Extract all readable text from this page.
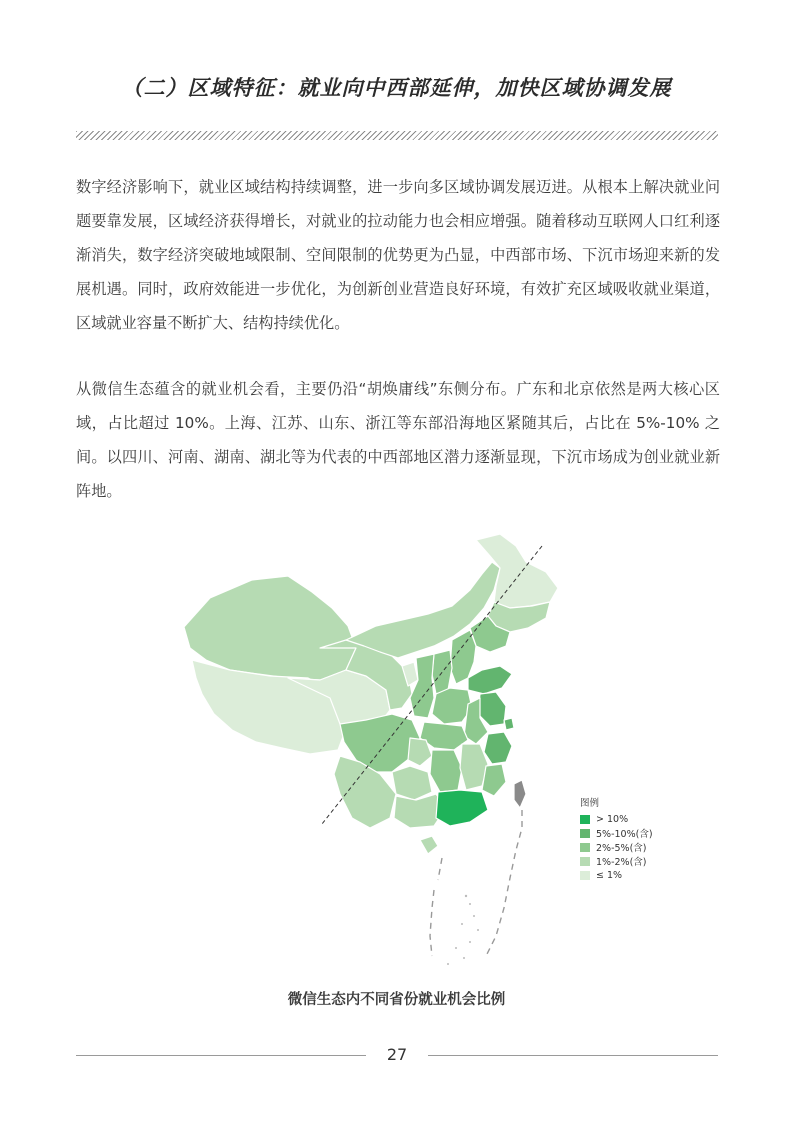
（二）区域特征：就业向中西部延伸，加快区域协调发展

数字经济影响下，就业区域结构持续调整，进一步向多区域协调发展迈进。从根本上解决就业问题要靠发展，区域经济获得增长，对就业的拉动能力也会相应增强。随着移动互联网人口红利逐渐消失，数字经济突破地域限制、空间限制的优势更为凸显，中西部市场、下沉市场迎来新的发展机遇。同时，政府效能进一步优化，为创新创业营造良好环境，有效扩充区域吸收就业渠道，区域就业容量不断扩大、结构持续优化。

从微信生态蕴含的就业机会看，主要仍沿“胡焕庸线”东侧分布。广东和北京依然是两大核心区域，占比超过 10%。上海、江苏、山东、浙江等东部沿海地区紧随其后，占比在 5%-10% 之间。以四川、河南、湖南、湖北等为代表的中西部地区潜力逐渐显现，下沉市场成为创业就业新阵地。

图例
> 10%
5%-10%(含)
2%-5%(含)
1%-2%(含)
≤ 1%
微信生态内不同省份就业机会比例
27
